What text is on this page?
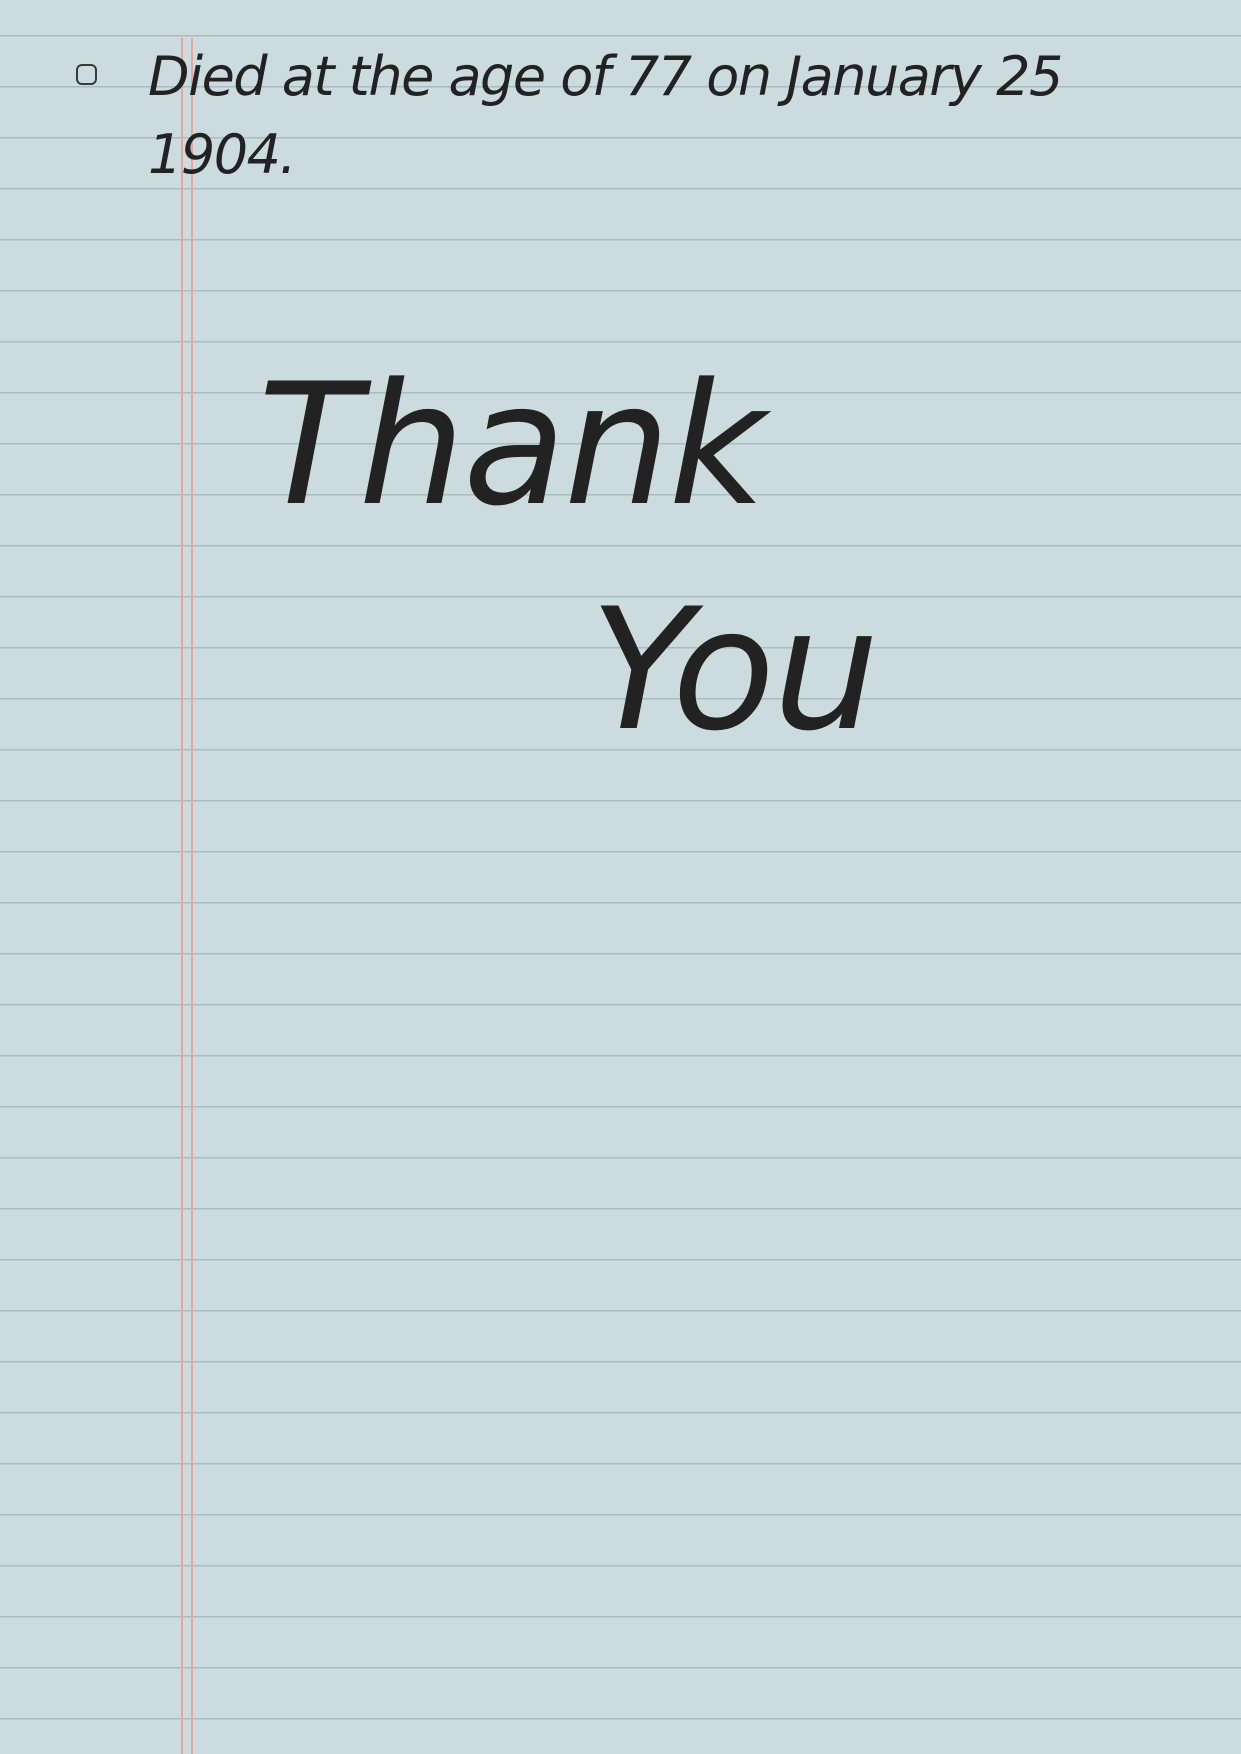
Died at the age of 77 on January 25 1904.
Thank
You
